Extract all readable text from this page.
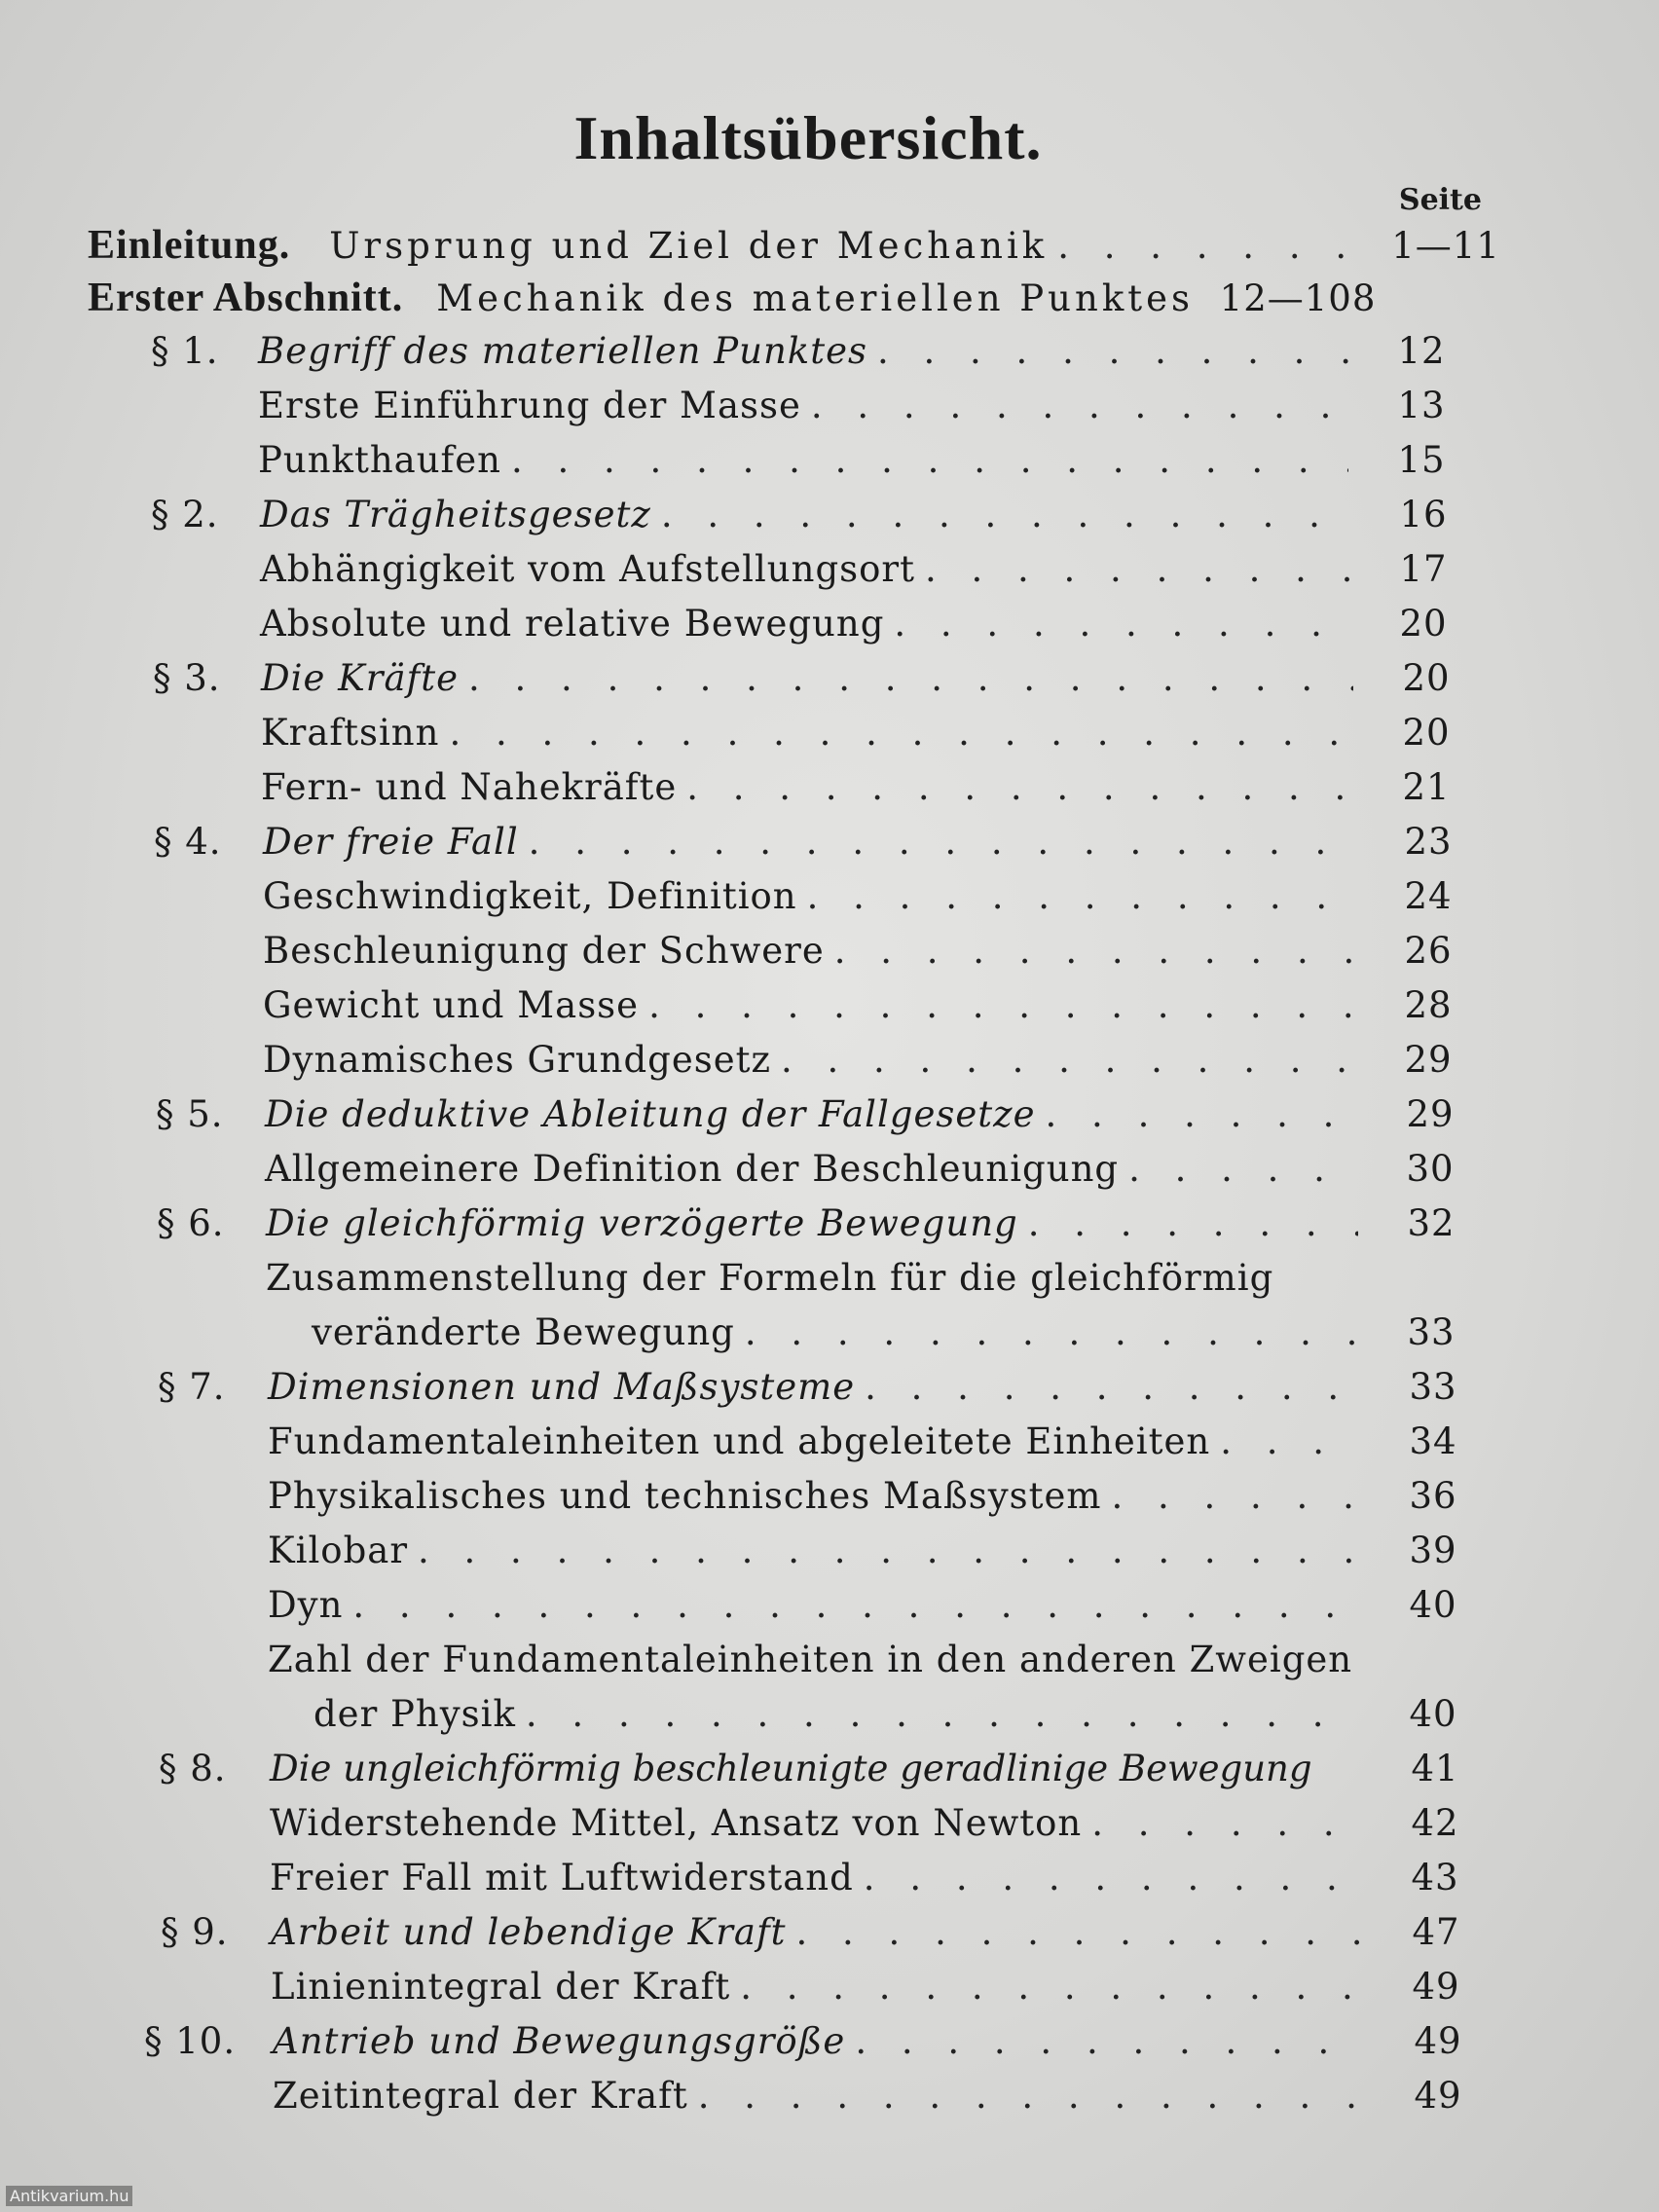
Inhaltsübersicht.
Seite
Einleitung. Ursprung und Ziel der Mechanik . . .	1—11
Erster Abschnitt. Mechanik des materiellen Punktes 12—108
§ 1. Begriff des materiellen Punktes . . .	12
Erste Einführung der Masse . . .	13
Punkthaufen . . .	15
§ 2. Das Trägheitsgesetz . . .	16
Abhängigkeit vom Aufstellungsort . . .	17
Absolute und relative Bewegung . . .	20
§ 3. Die Kräfte . . .	20
Kraftsinn . . .	20
Fern- und Nahekräfte . . .	21
§ 4. Der freie Fall . . .	23
Geschwindigkeit, Definition . . .	24
Beschleunigung der Schwere . . .	26
Gewicht und Masse . . .	28
Dynamisches Grundgesetz . . .	29
§ 5. Die deduktive Ableitung der Fallgesetze . . .	29
Allgemeinere Definition der Beschleunigung . . .	30
§ 6. Die gleichförmig verzögerte Bewegung . . .	32
Zusammenstellung der Formeln für die gleichförmig
veränderte Bewegung . . .	33
§ 7. Dimensionen und Maßsysteme . . .	33
Fundamentaleinheiten und abgeleitete Einheiten . . .	34
Physikalisches und technisches Maßsystem . . .	36
Kilobar . . .	39
Dyn . . .	40
Zahl der Fundamentaleinheiten in den anderen Zweigen
der Physik . . .	40
§ 8. Die ungleichförmig beschleunigte geradlinige Bewegung	41
Widerstehende Mittel, Ansatz von Newton . . .	42
Freier Fall mit Luftwiderstand . . .	43
§ 9. Arbeit und lebendige Kraft . . .	47
Linienintegral der Kraft . . .	49
§ 10. Antrieb und Bewegungsgröße . . .	49
Zeitintegral der Kraft . . .	49
Antikvarium.hu
